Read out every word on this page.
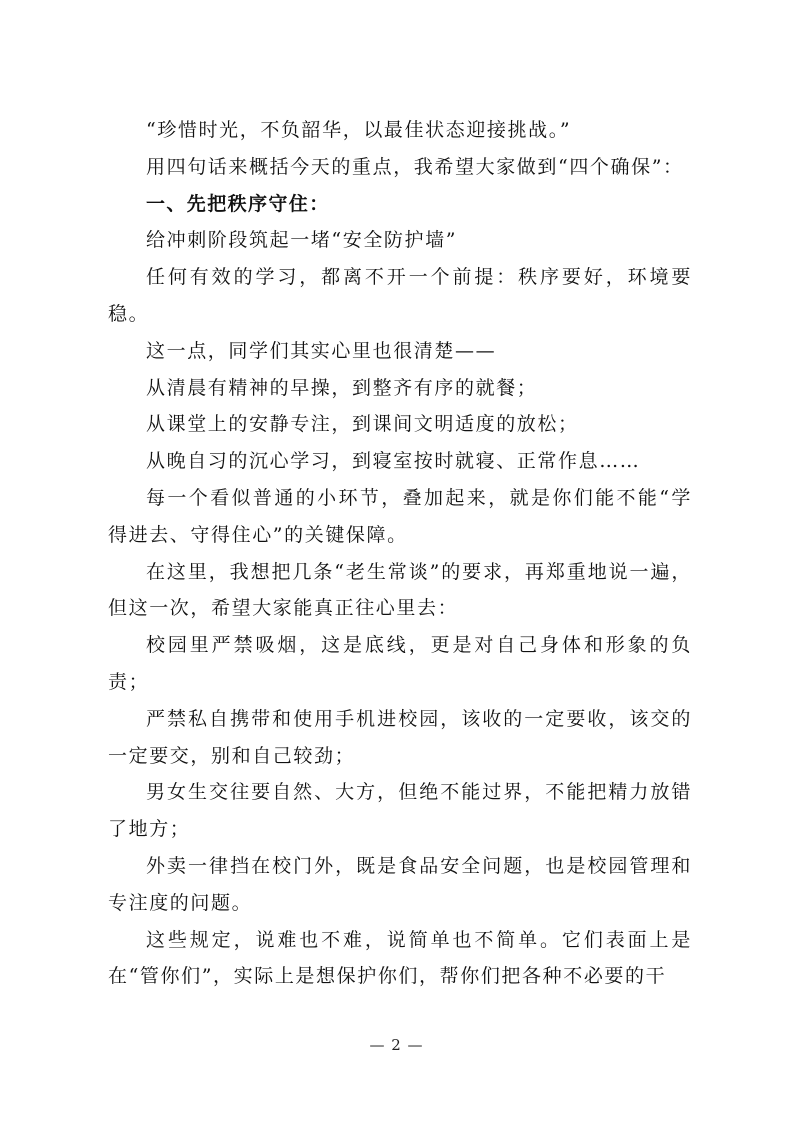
“珍惜时光，不负韶华，以最佳状态迎接挑战。”

用四句话来概括今天的重点，我希望大家做到“四个确保”：

一、先把秩序守住：

给冲刺阶段筑起一堵“安全防护墙”

任何有效的学习，都离不开一个前提：秩序要好，环境要稳。

这一点，同学们其实心里也很清楚——

从清晨有精神的早操，到整齐有序的就餐；

从课堂上的安静专注，到课间文明适度的放松；

从晚自习的沉心学习，到寝室按时就寝、正常作息……

每一个看似普通的小环节，叠加起来，就是你们能不能“学得进去、守得住心”的关键保障。

在这里，我想把几条“老生常谈”的要求，再郑重地说一遍，但这一次，希望大家能真正往心里去：

校园里严禁吸烟，这是底线，更是对自己身体和形象的负责；

严禁私自携带和使用手机进校园，该收的一定要收，该交的一定要交，别和自己较劲；

男女生交往要自然、大方，但绝不能过界，不能把精力放错了地方；

外卖一律挡在校门外，既是食品安全问题，也是校园管理和专注度的问题。

这些规定，说难也不难，说简单也不简单。它们表面上是在“管你们”，实际上是想保护你们，帮你们把各种不必要的干

— 2 —
